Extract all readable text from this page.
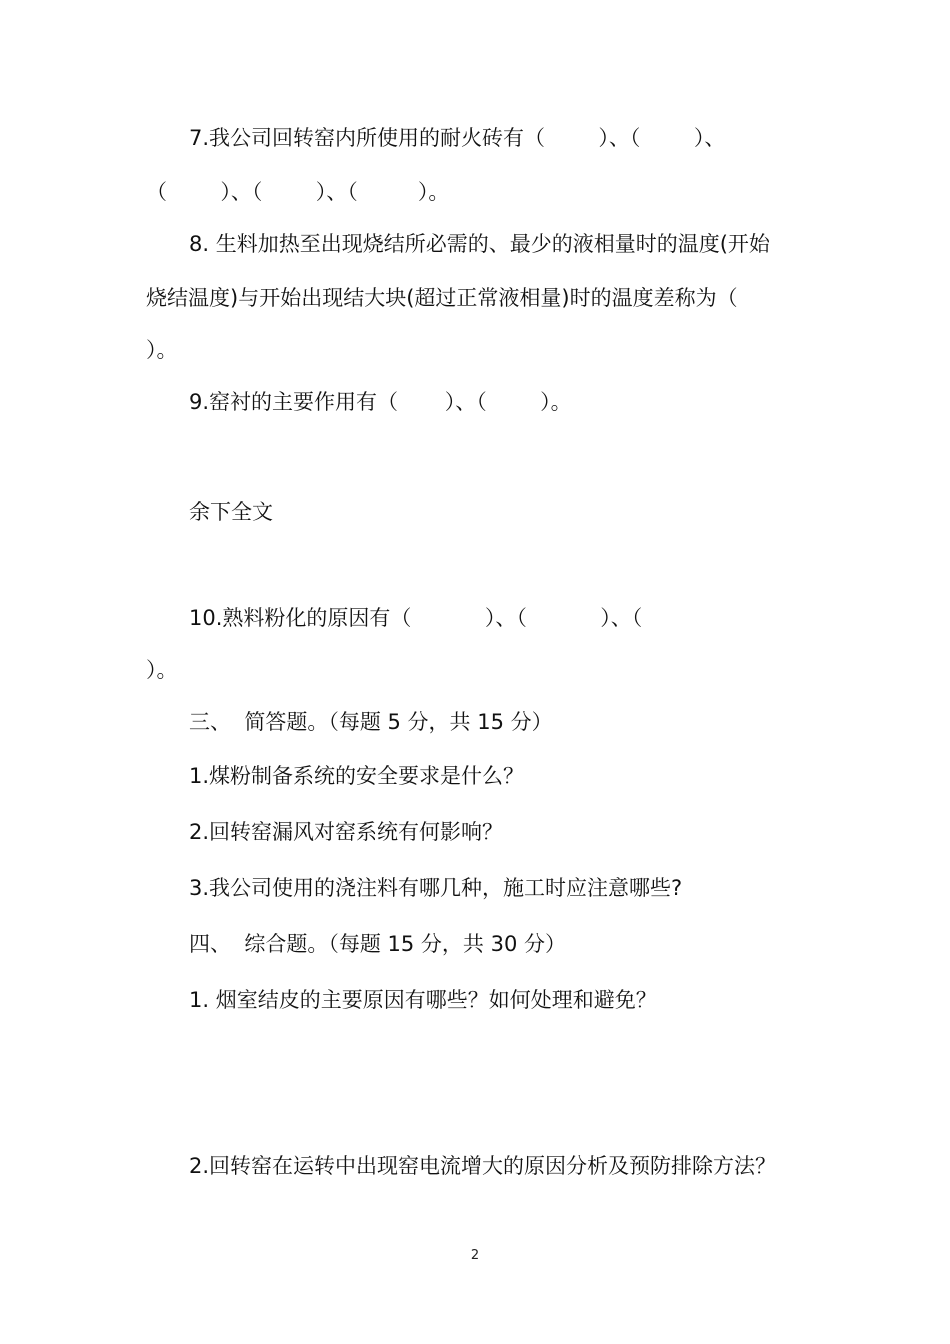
7.我公司回转窑内所使用的耐火砖有（        ）、（        ）、
（        ）、（        ）、（         ）。
8. 生料加热至出现烧结所必需的、最少的液相量时的温度(开始
烧结温度)与开始出现结大块(超过正常液相量)时的温度差称为（
）。
9.窑衬的主要作用有（       ）、（        ）。
余下全文
10.熟料粉化的原因有（           ）、（           ）、（
）。
三、  简答题。（每题 5 分，共 15 分）
1.煤粉制备系统的安全要求是什么？
2.回转窑漏风对窑系统有何影响？
3.我公司使用的浇注料有哪几种，施工时应注意哪些?
四、  综合题。（每题 15 分，共 30 分）
1. 烟室结皮的主要原因有哪些？如何处理和避免？
2.回转窑在运转中出现窑电流增大的原因分析及预防排除方法？
2
